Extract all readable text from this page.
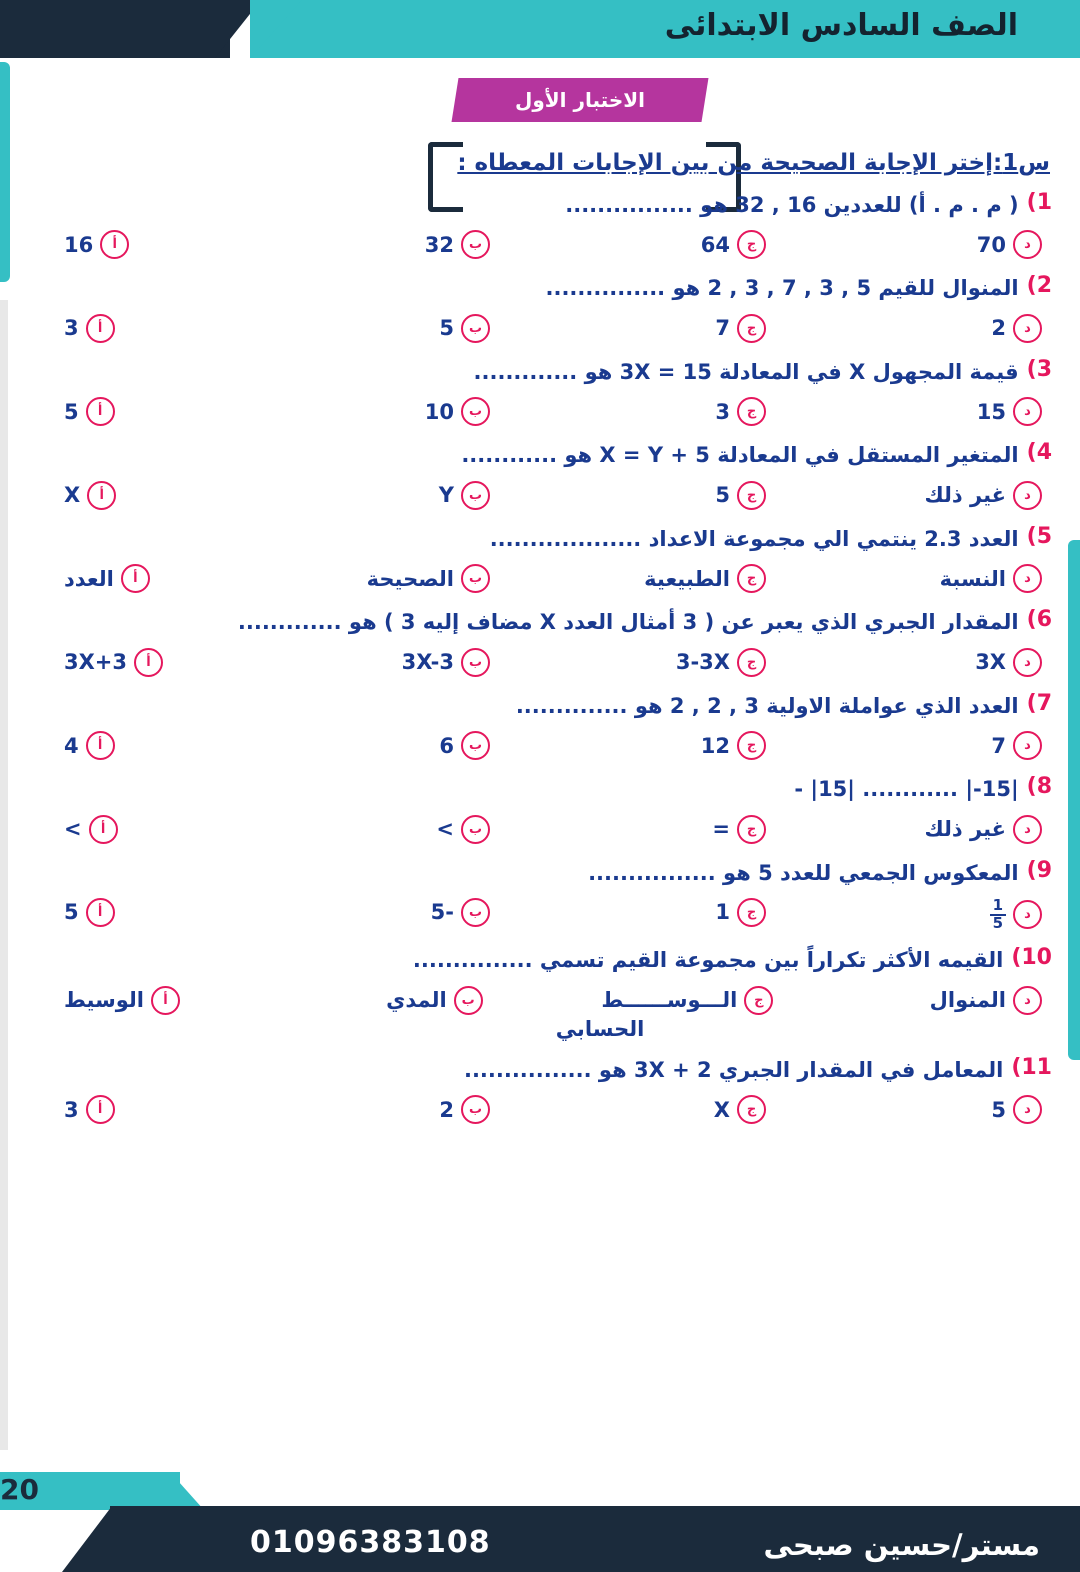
الصف السادس الابتدائى
الاختبار الأول
س1:إختر الإجابة الصحيحة من بين الإجابات المعطاه :
1)
( م . م . أ) للعددين 16 , 32 هو ................
د
70
ج
64
ب
32
أ
16
2)
المنوال للقيم 5 , 3 , 7 , 3 , 2 هو ...............
د
2
ج
7
ب
5
أ
3
3)
قيمة المجهول X في المعادلة 15 = 3X هو .............
د
15
ج
3
ب
10
أ
5
4)
المتغير المستقل في المعادلة 5 + X = Y هو ............
د
غير ذلك
ج
5
ب
Y
أ
X
5)
العدد 2.3 ينتمي الي مجموعة الاعداد ...................
د
النسبة
ج
الطبيعية
ب
الصحيحة
أ
العدد
6)
المقدار الجبري الذي يعبر عن ( 3 أمثال العدد X مضاف إليه 3 ) هو .............
د
3X
ج
3-3X
ب
3X-3
أ
3X+3
7)
العدد الذي عواملة الاولية 3 , 2 , 2 هو ..............
د
7
ج
12
ب
6
أ
4
8)
|15-| ............ |15| -
د
غير ذلك
ج
=
ب
>
أ
>
9)
المعكوس الجمعي للعدد 5 هو ................
د
$\frac{1}{5}$
ج
1
ب
-5
أ
5
10)
القيمه الأكثر تكراراً بين مجموعة القيم تسمي ...............
د
المنوال
ج
الـــوســــــط
ب
المدي
أ
الوسيط
الحسابي
11)
المعامل في المقدار الجبري 2 + 3X هو ................
د
5
ج
X
ب
2
أ
3
01096383108	مستر/حسين صبحى
20
